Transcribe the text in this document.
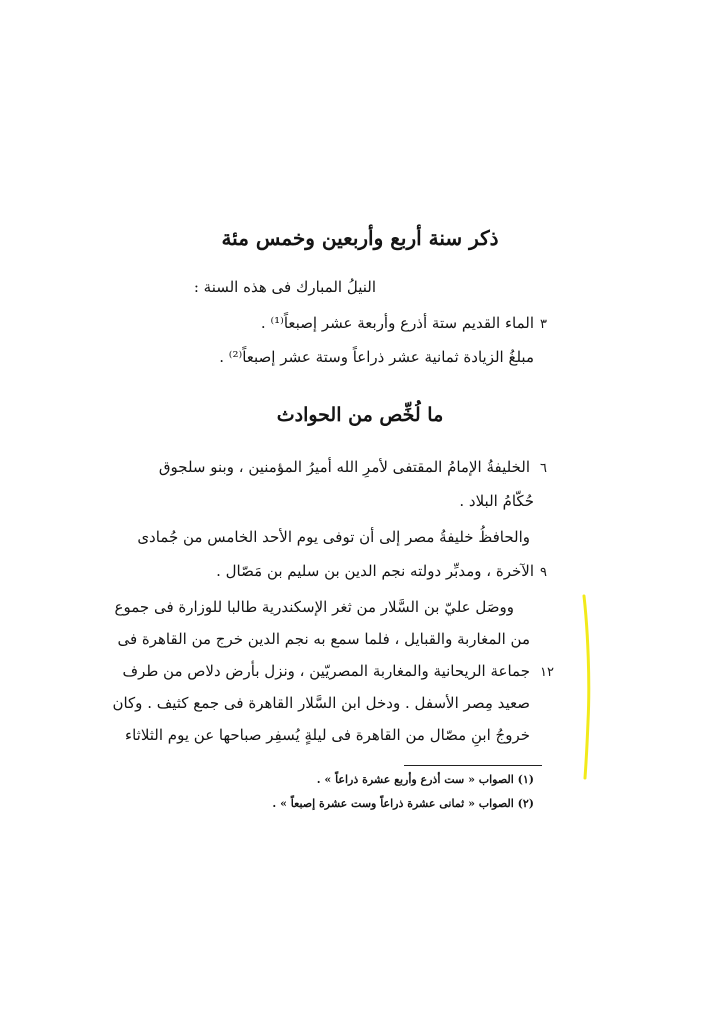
ذكر سنة أربع وأربعين وخمس مئة
النيلُ المبارك فى هذه السنة :
٣
الماء القديم ستة أذرع وأربعة عشر إصبعاً⁽¹⁾ .
مبلغُ الزيادة ثمانية عشر ذراعاً وستة عشر إصبعاً⁽²⁾ .
ما لُخِّص من الحوادث
٦
الخليفةُ الإمامُ المقتفى لأمرِ الله أميرُ المؤمنين ، وبنو سلجوق
حُكّامُ البلاد .
والحافظُ خليفةُ مصر إلى أن توفى يوم الأحد الخامس من جُمادى
٩
الآخرة ، ومدبِّر دولته نجم الدين بن سليم بن مَصّال .
ووصَل عليّ بن السَّلار من ثغر الإسكندرية طالبا للوزارة فى جموع
من المغاربة والقبايل ، فلما سمع به نجم الدين خرج من القاهرة فى
١٢
جماعة الريحانية والمغاربة المصريّين ، ونزل بأرض دلاص من طرف
صعيد مِصر الأسفل . ودخل ابن السَّلار القاهرة فى جمع كثيف . وكان
خروجُ ابنِ مصّال من القاهرة فى ليلةٍ يُسفِر صباحها عن يوم الثلاثاء
(١) الصواب « ست أذرع وأربع عشرة ذراعاً » .
(٢) الصواب « ثمانى عشرة ذراعاً وست عشرة إصبعاً » .
